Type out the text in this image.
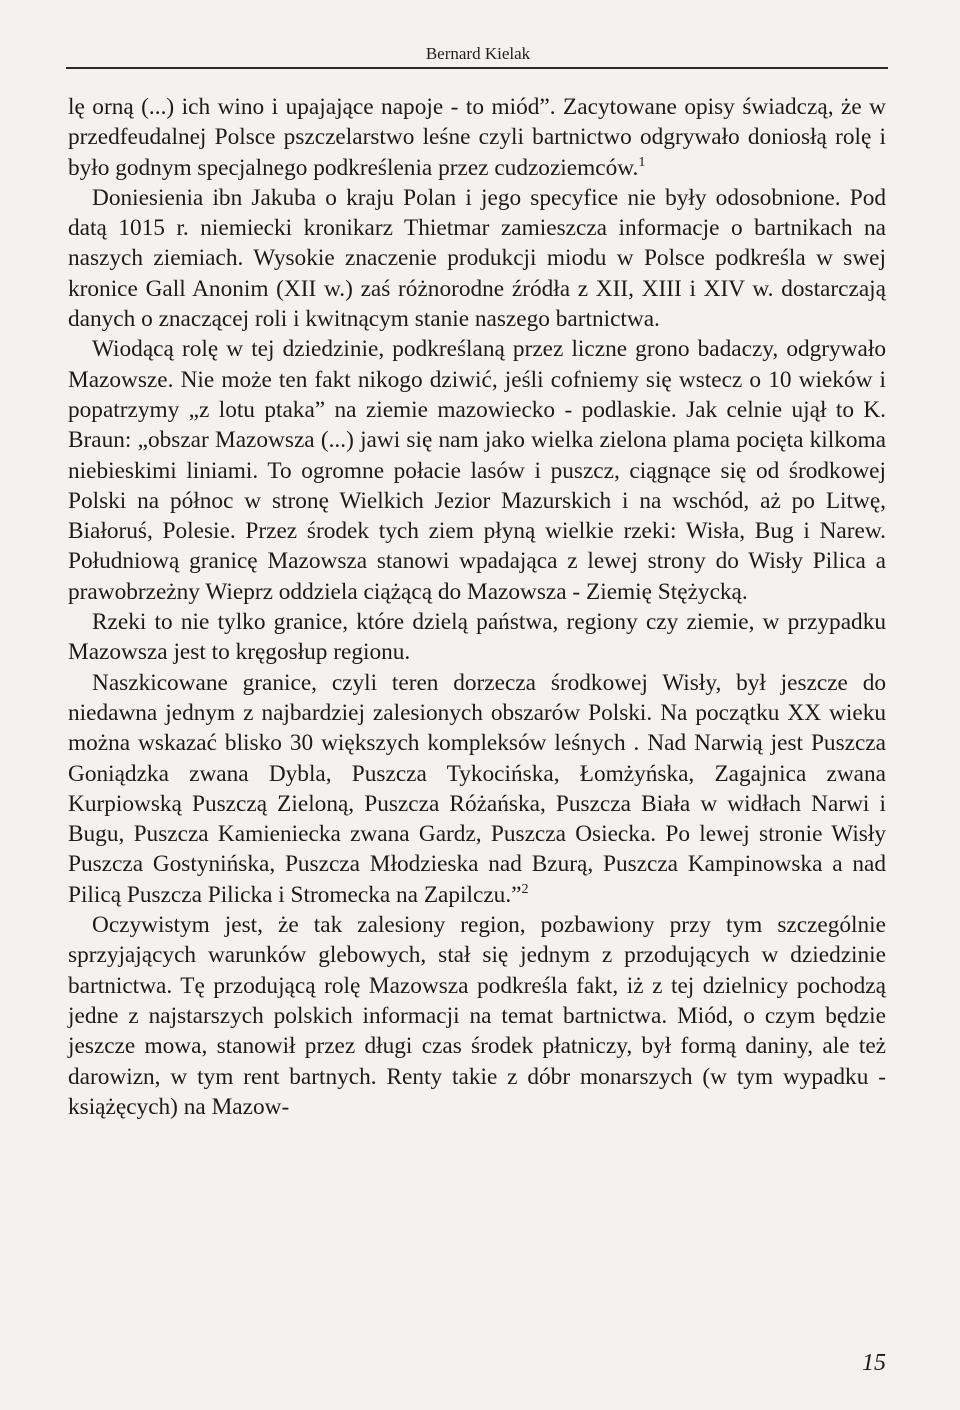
Bernard Kielak

lę orną (...) ich wino i upajające napoje - to miód”. Zacytowane opisy świadczą, że w przedfeudalnej Polsce pszczelarstwo leśne czyli bartnictwo odgrywało doniosłą rolę i było godnym specjalnego podkreślenia przez cudzoziemców.$^1$

Doniesienia ibn Jakuba o kraju Polan i jego specyfice nie były odosobnione. Pod datą 1015 r. niemiecki kronikarz Thietmar zamieszcza informacje o bartnikach na naszych ziemiach. Wysokie znaczenie produkcji miodu w Polsce podkreśla w swej kronice Gall Anonim (XII w.) zaś różnorodne źródła z XII, XIII i XIV w. dostarczają danych o znaczącej roli i kwitnącym stanie naszego bartnictwa.

Wiodącą rolę w tej dziedzinie, podkreślaną przez liczne grono badaczy, odgrywało Mazowsze. Nie może ten fakt nikogo dziwić, jeśli cofniemy się wstecz o 10 wieków i popatrzymy „z lotu ptaka” na ziemie mazowiecko - podlaskie. Jak celnie ujął to K. Braun: „obszar Mazowsza (...) jawi się nam jako wielka zielona plama pocięta kilkoma niebieskimi liniami. To ogromne połacie lasów i puszcz, ciągnące się od środkowej Polski na północ w stronę Wielkich Jezior Mazurskich i na wschód, aż po Litwę, Białoruś, Polesie. Przez środek tych ziem płyną wielkie rzeki: Wisła, Bug i Narew. Południową granicę Mazowsza stanowi wpadająca z lewej strony do Wisły Pilica a prawobrzeżny Wieprz oddziela ciążącą do Mazowsza - Ziemię Stężycką.

Rzeki to nie tylko granice, które dzielą państwa, regiony czy ziemie, w przypadku Mazowsza jest to kręgosłup regionu.

Naszkicowane granice, czyli teren dorzecza środkowej Wisły, był jeszcze do niedawna jednym z najbardziej zalesionych obszarów Polski. Na początku XX wieku można wskazać blisko 30 większych kompleksów leśnych . Nad Narwią jest Puszcza Goniądzka zwana Dybla, Puszcza Tykocińska, Łomżyńska, Zagajnica zwana Kurpiowską Puszczą Zieloną, Puszcza Różańska, Puszcza Biała w widłach Narwi i Bugu, Puszcza Kamieniecka zwana Gardz, Puszcza Osiecka. Po lewej stronie Wisły Puszcza Gostynińska, Puszcza Młodzieska nad Bzurą, Puszcza Kampinowska a nad Pilicą Puszcza Pilicka i Stromecka na Zapilczu.”$^2$

Oczywistym jest, że tak zalesiony region, pozbawiony przy tym szczególnie sprzyjających warunków glebowych, stał się jednym z przodujących w dziedzinie bartnictwa. Tę przodującą rolę Mazowsza podkreśla fakt, iż z tej dzielnicy pochodzą jedne z najstarszych polskich informacji na temat bartnictwa. Miód, o czym będzie jeszcze mowa, stanowił przez długi czas środek płatniczy, był formą daniny, ale też darowizn, w tym rent bartnych. Renty takie z dóbr monarszych (w tym wypadku - książęcych) na Mazow-

15
